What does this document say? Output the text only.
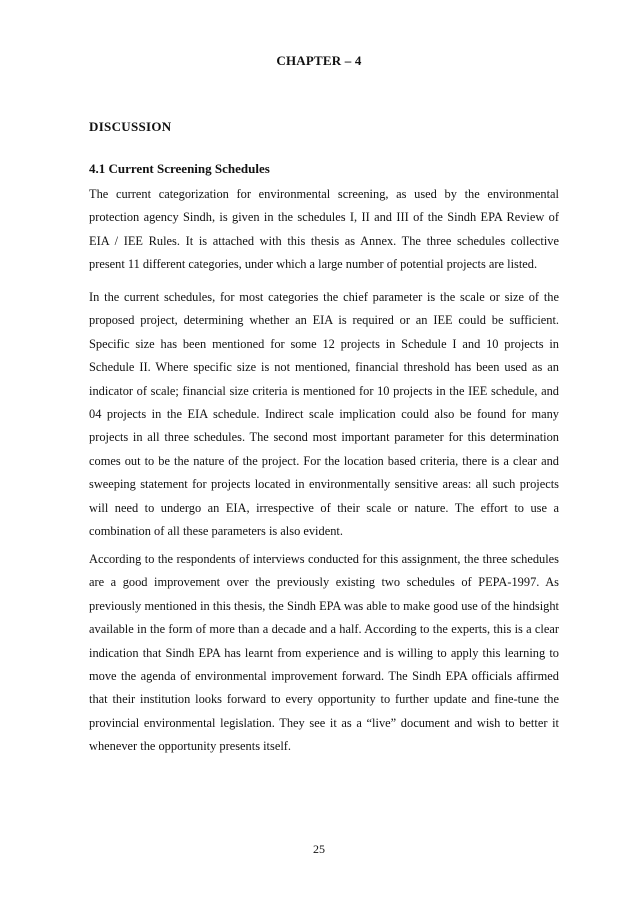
CHAPTER – 4
DISCUSSION
4.1 Current Screening Schedules

The current categorization for environmental screening, as used by the environmental protection agency Sindh, is given in the schedules I, II and III of the Sindh EPA Review of EIA / IEE Rules. It is attached with this thesis as Annex. The three schedules collective present 11 different categories, under which a large number of potential projects are listed.

In the current schedules, for most categories the chief parameter is the scale or size of the proposed project, determining whether an EIA is required or an IEE could be sufficient. Specific size has been mentioned for some 12 projects in Schedule I and 10 projects in Schedule II. Where specific size is not mentioned, financial threshold has been used as an indicator of scale; financial size criteria is mentioned for 10 projects in the IEE schedule, and 04 projects in the EIA schedule. Indirect scale implication could also be found for many projects in all three schedules. The second most important parameter for this determination comes out to be the nature of the project. For the location based criteria, there is a clear and sweeping statement for projects located in environmentally sensitive areas: all such projects will need to undergo an EIA, irrespective of their scale or nature. The effort to use a combination of all these parameters is also evident.

According to the respondents of interviews conducted for this assignment, the three schedules are a good improvement over the previously existing two schedules of PEPA-1997. As previously mentioned in this thesis, the Sindh EPA was able to make good use of the hindsight available in the form of more than a decade and a half. According to the experts, this is a clear indication that Sindh EPA has learnt from experience and is willing to apply this learning to move the agenda of environmental improvement forward. The Sindh EPA officials affirmed that their institution looks forward to every opportunity to further update and fine-tune the provincial environmental legislation. They see it as a “live” document and wish to better it whenever the opportunity presents itself.

25
